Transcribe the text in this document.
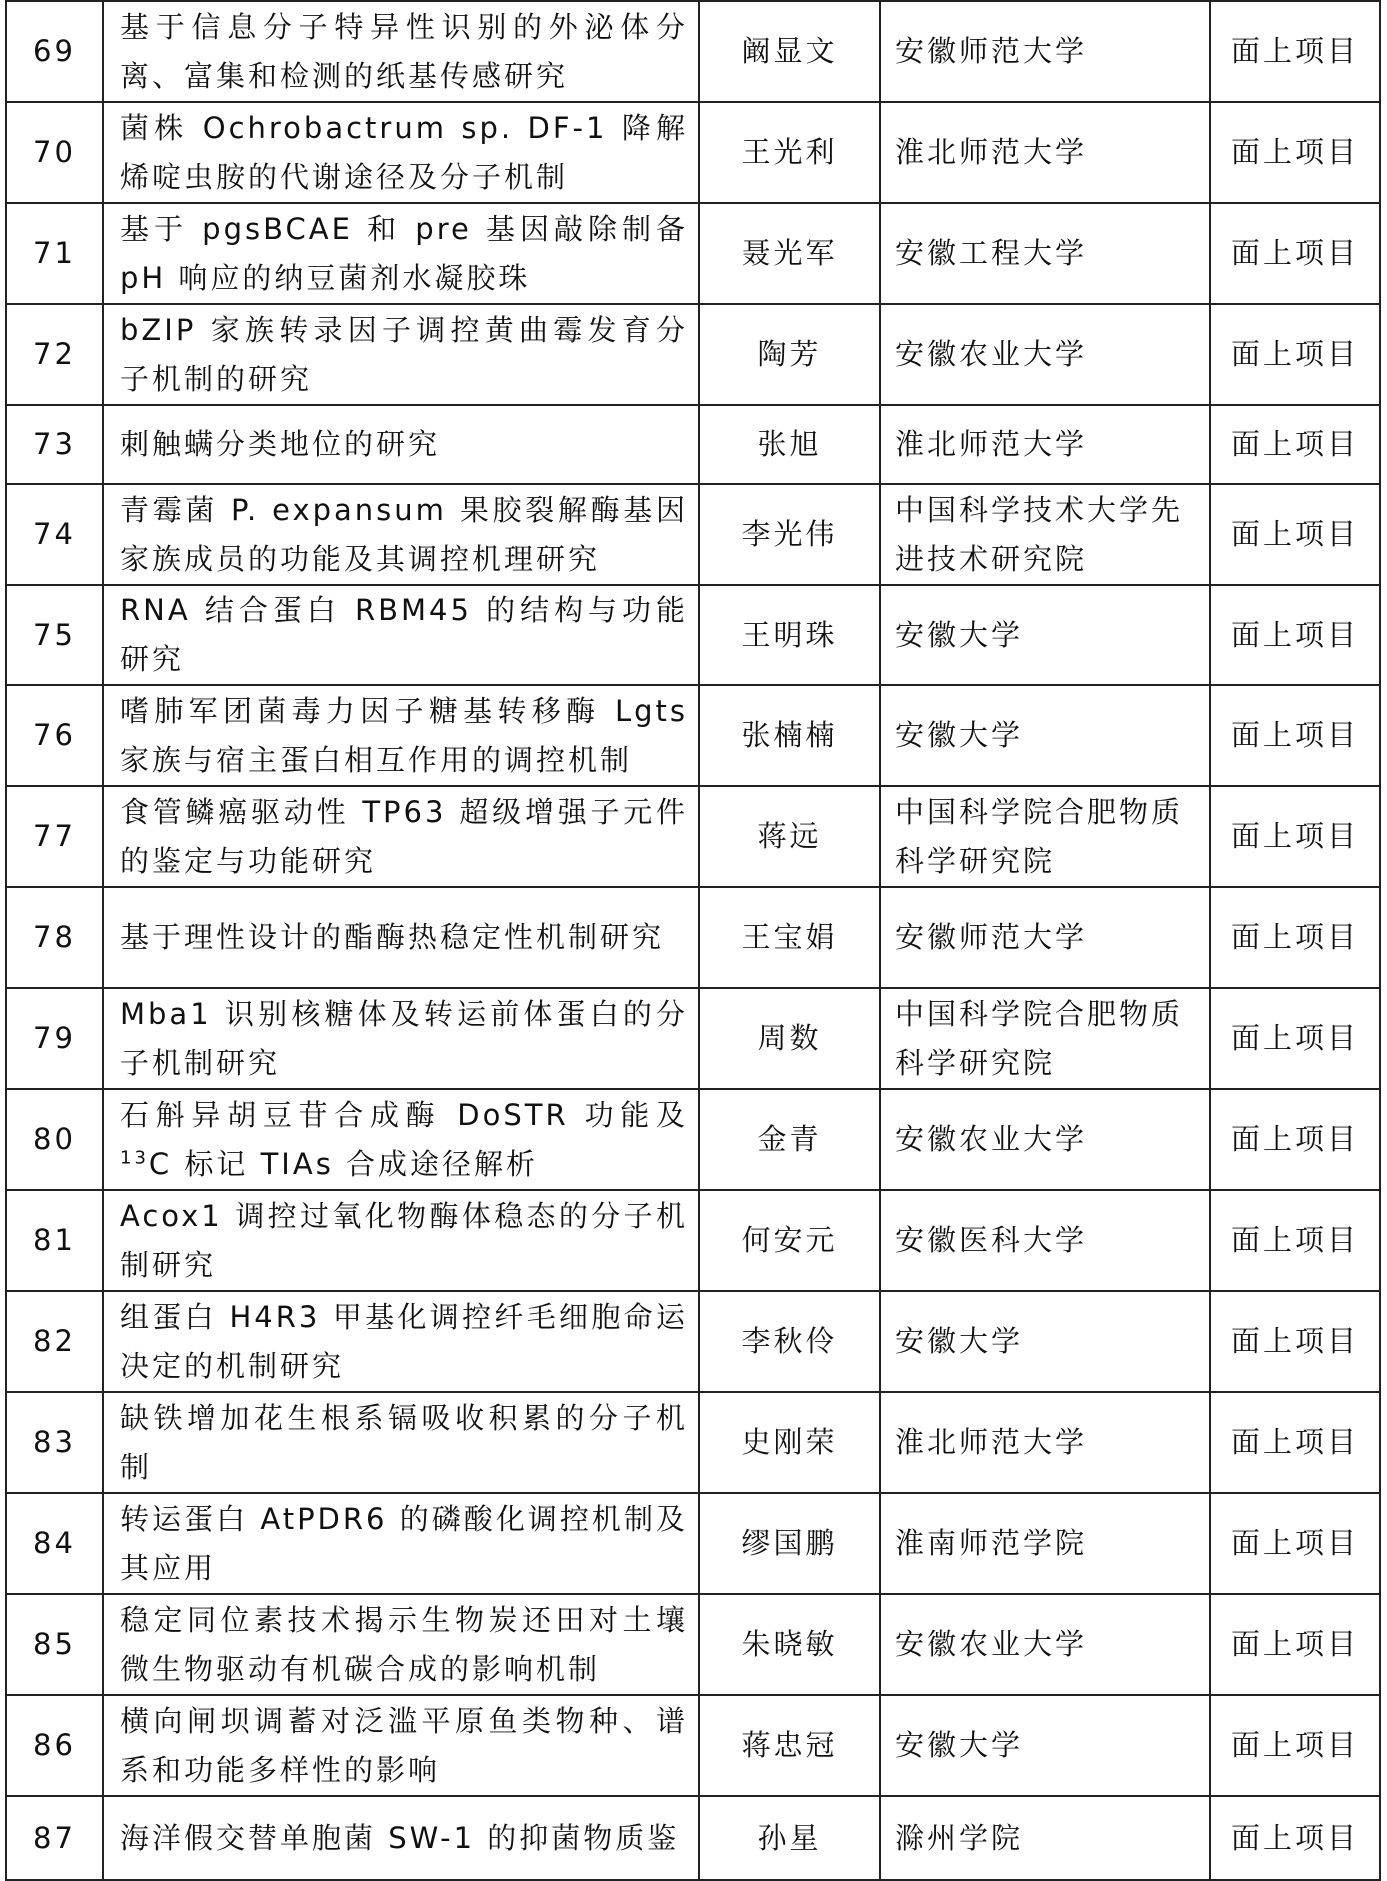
69	基于信息分子特异性识别的外泌体分离、富集和检测的纸基传感研究	阚显文	安徽师范大学	面上项目
70	菌株 Ochrobactrum sp. DF-1 降解烯啶虫胺的代谢途径及分子机制	王光利	淮北师范大学	面上项目
71	基于 pgsBCAE 和 pre 基因敲除制备 pH 响应的纳豆菌剂水凝胶珠	聂光军	安徽工程大学	面上项目
72	bZIP 家族转录因子调控黄曲霉发育分子机制的研究	陶芳	安徽农业大学	面上项目
73	刺触螨分类地位的研究	张旭	淮北师范大学	面上项目
74	青霉菌 P. expansum 果胶裂解酶基因家族成员的功能及其调控机理研究	李光伟	中国科学技术大学先进技术研究院	面上项目
75	RNA 结合蛋白 RBM45 的结构与功能研究	王明珠	安徽大学	面上项目
76	嗜肺军团菌毒力因子糖基转移酶 Lgts 家族与宿主蛋白相互作用的调控机制	张楠楠	安徽大学	面上项目
77	食管鳞癌驱动性 TP63 超级增强子元件的鉴定与功能研究	蒋远	中国科学院合肥物质科学研究院	面上项目
78	基于理性设计的酯酶热稳定性机制研究	王宝娟	安徽师范大学	面上项目
79	Mba1 识别核糖体及转运前体蛋白的分子机制研究	周数	中国科学院合肥物质科学研究院	面上项目
80	石斛异胡豆苷合成酶 DoSTR 功能及$^{13}$C 标记 TIAs 合成途径解析	金青	安徽农业大学	面上项目
81	Acox1 调控过氧化物酶体稳态的分子机制研究	何安元	安徽医科大学	面上项目
82	组蛋白 H4R3 甲基化调控纤毛细胞命运决定的机制研究	李秋伶	安徽大学	面上项目
83	缺铁增加花生根系镉吸收积累的分子机制	史刚荣	淮北师范大学	面上项目
84	转运蛋白 AtPDR6 的磷酸化调控机制及其应用	缪国鹏	淮南师范学院	面上项目
85	稳定同位素技术揭示生物炭还田对土壤微生物驱动有机碳合成的影响机制	朱晓敏	安徽农业大学	面上项目
86	横向闸坝调蓄对泛滥平原鱼类物种、谱系和功能多样性的影响	蒋忠冠	安徽大学	面上项目
87	海洋假交替单胞菌 SW-1 的抑菌物质鉴	孙星	滁州学院	面上项目
